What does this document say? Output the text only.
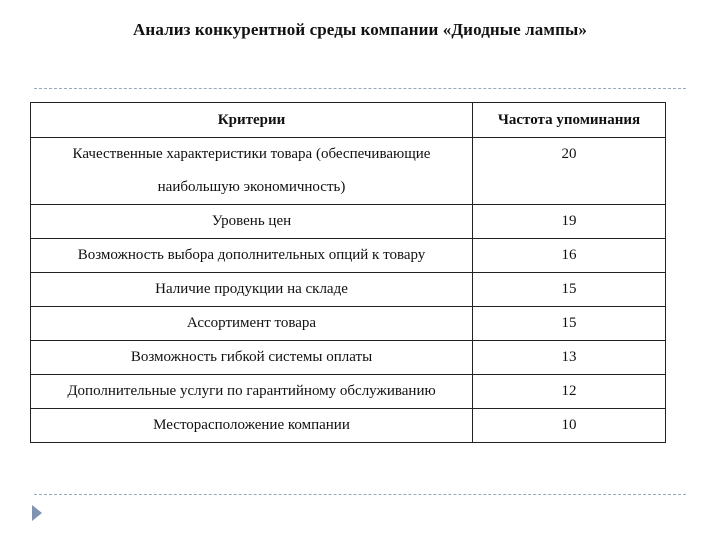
Анализ конкурентной среды компании «Диодные лампы»
Критерии	Частота упоминания
Качественные характеристики товара (обеспечивающие наибольшую экономичность)	20
Уровень цен	19
Возможность выбора дополнительных опций к товару	16
Наличие продукции на складе	15
Ассортимент товара	15
Возможность гибкой системы оплаты	13
Дополнительные услуги по гарантийному обслуживанию	12
Месторасположение компании	10
